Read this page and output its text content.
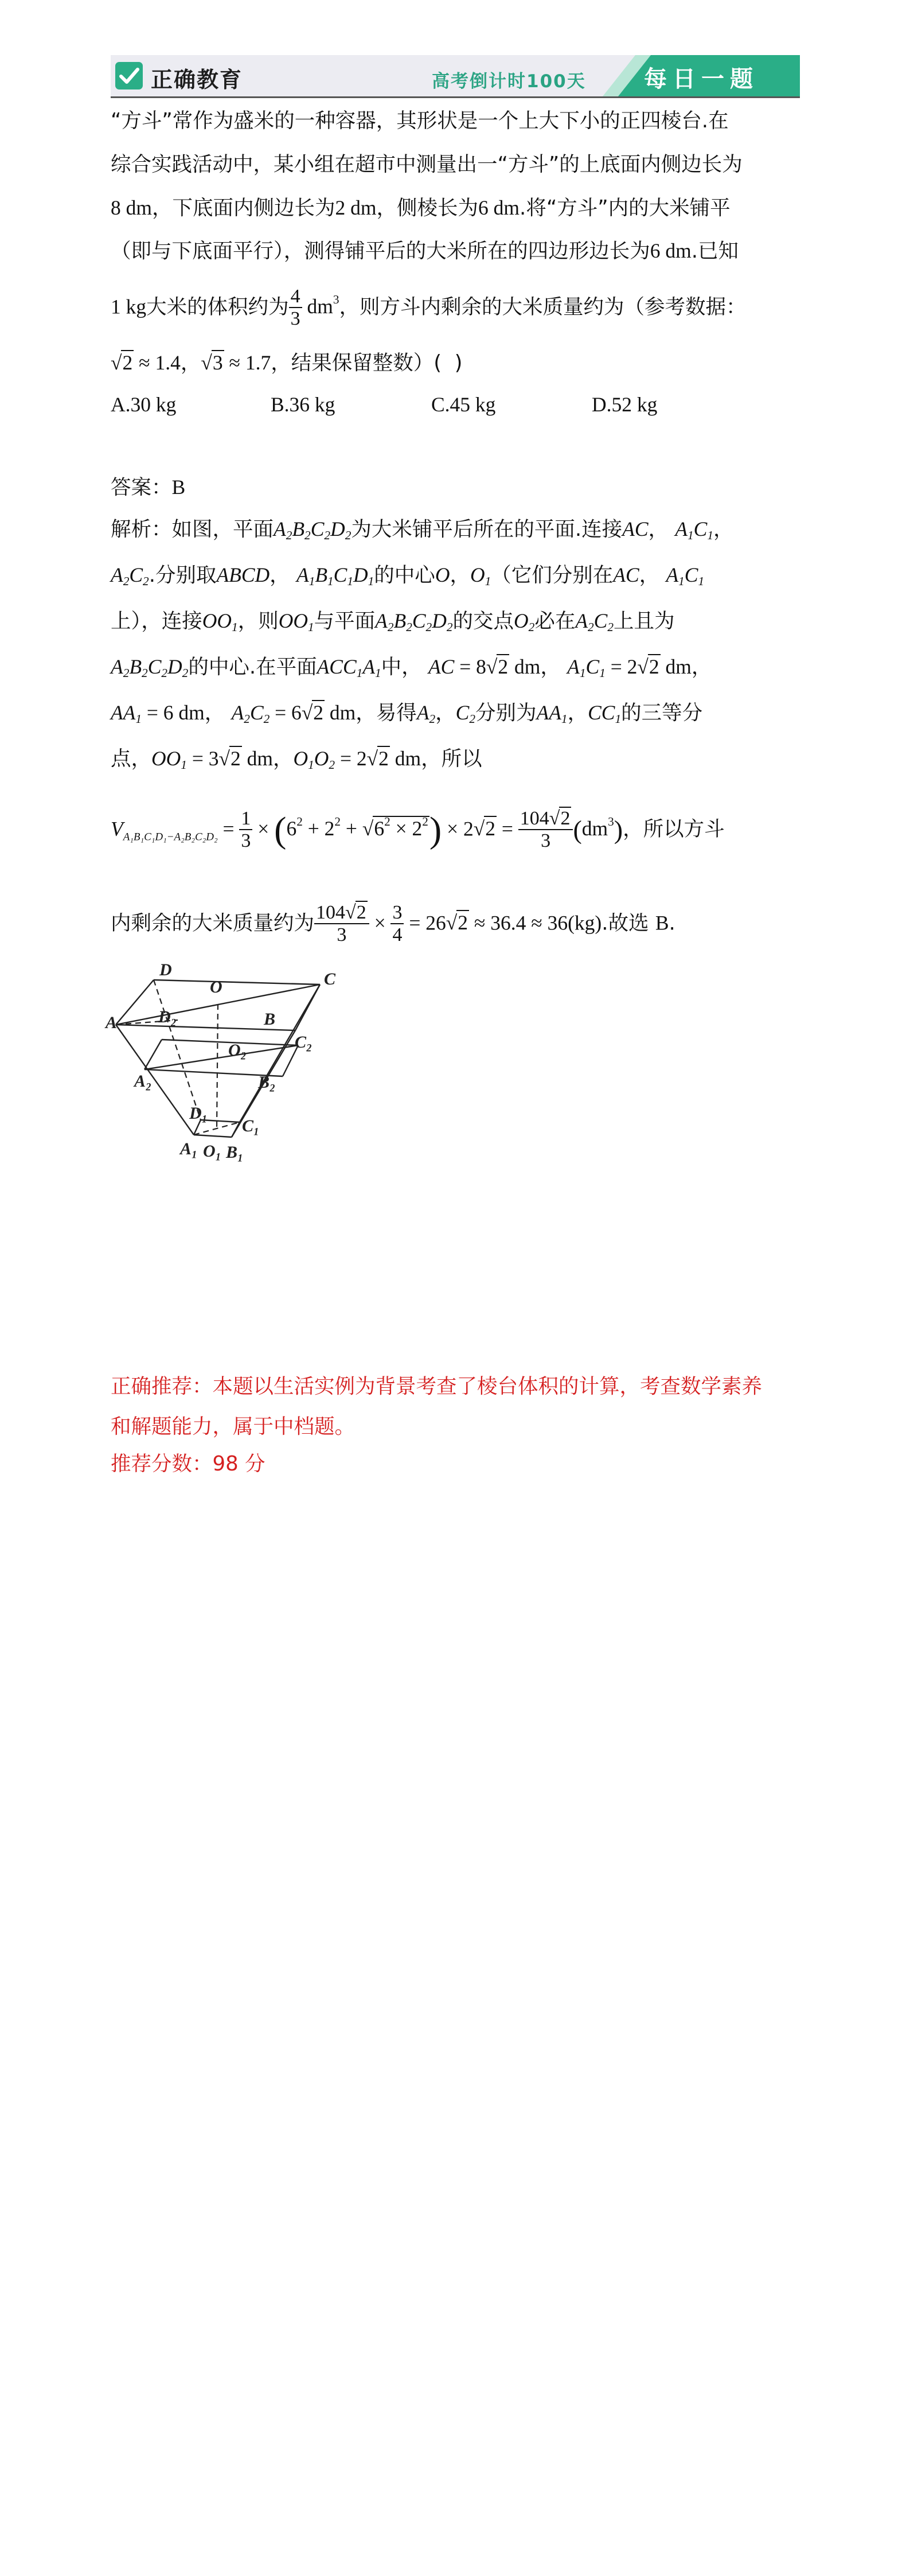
正确教育	高考倒计时100天	每日一题
“方斗”常作为盛米的一种容器，其形状是一个上大下小的正四棱台.在
综合实践活动中，某小组在超市中测量出一“方斗”的上底面内侧边长为
8 dm，下底面内侧边长为2 dm，侧棱长为6 dm.将“方斗”内的大米铺平
（即与下底面平行），测得铺平后的大米所在的四边形边长为6 dm.已知
1 kg大米的体积约为 $\frac{4}{3} dm^3$，则方斗内剩余的大米质量约为（参考数据：
√2 ≈ 1.4，√3 ≈ 1.7，结果保留整数）(  )
A.30 kg	B.36 kg	C.45 kg	D.52 kg
答案：B
解析：如图，平面$A_2B_2C_2D_2$为大米铺平后所在的平面.连接AC， $A_1C_1$，
$A_2C_2$.分别取ABCD， $A_1B_1C_1D_1$的中心O，$O_1$（它们分别在AC， $A_1C_1$
上），连接$OO_1$，则$OO_1$与平面$A_2B_2C_2D_2$的交点$O_2$必在$A_2C_2$上且为
$A_2B_2C_2D_2$的中心.在平面$ACC_1A_1$中， AC = 8√2 dm， $A_1C_1 = 2√2$ dm，
$AA_1 = 6$ dm， $A_2C_2 = 6√2$ dm，易得$A_2$，$C_2$分别为$AA_1$，$CC_1$的三等分
点，$OO_1 = 3√2$ dm，$O_1O_2 = 2√2$ dm，所以
$V_{A_1B_1C_1D_1-A_2B_2C_2D_2} = \frac{1}{3} \times (6^2 + 2^2 + √6^2 \times 2^2) \times 2√2 = \frac{104√2}{3} (dm^3)$，所以方斗
内剩余的大米质量约为 $\frac{104√2}{3} \times \frac{3}{4} = 26√2 \approx 36.4 \approx 36(kg)$.故选 B.
D
O	C
A D₂	B
C₂
O₂
A₂	B₂
D₁
C₁
A₁ O₁ B₁
正确推荐：本题以生活实例为背景考查了棱台体积的计算，考查数学素养
和解题能力，属于中档题。
推荐分数：98 分
